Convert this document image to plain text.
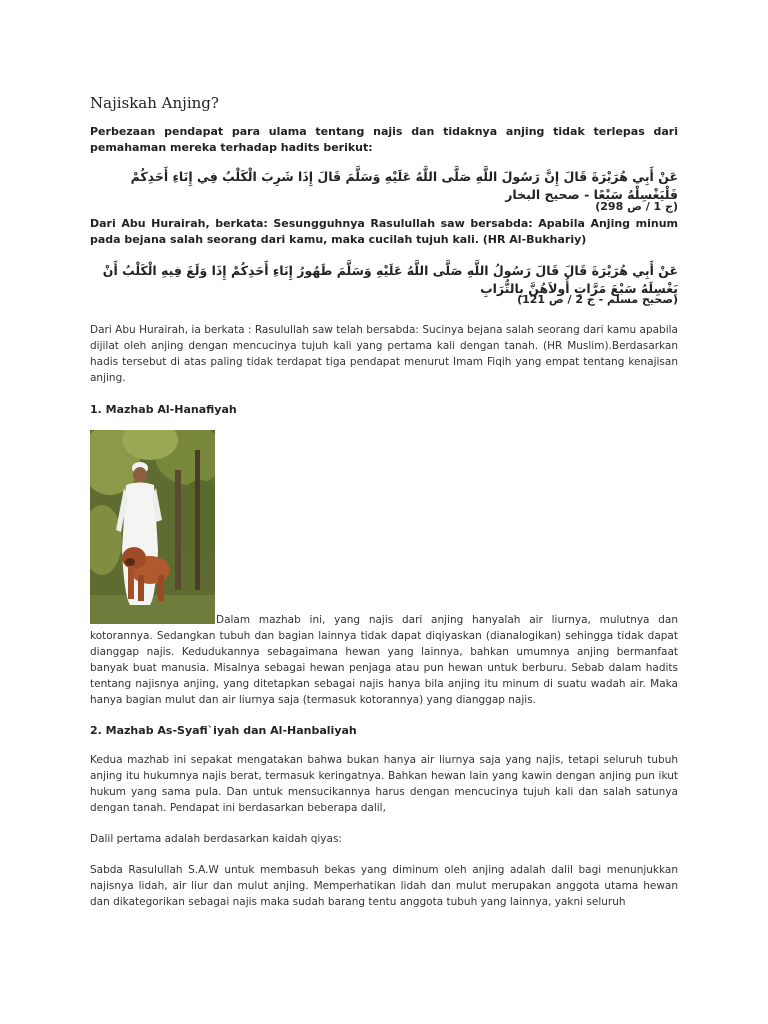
Najiskah Anjing?
Perbezaan pendapat para ulama tentang najis dan tidaknya anjing tidak terlepas dari pemahaman mereka terhadap hadits berikut:
عَنْ أَبِي هُرَيْرَةَ قَالَ إِنَّ رَسُولَ اللَّهِ صَلَّى اللَّهُ عَلَيْهِ وَسَلَّمَ قَالَ إِذَا شَرِبَ الْكَلْبُ فِي إِنَاءِ أَحَدِكُمْ فَلْيَغْسِلْهُ سَبْعًا - صحيح البخار
(ج 1 / ص 298)
Dari Abu Hurairah, berkata: Sesungguhnya Rasulullah saw bersabda: Apabila Anjing minum pada bejana salah seorang dari kamu, maka cucilah tujuh kali. (HR Al-Bukhariy)
عَنْ أَبِي هُرَيْرَةَ قَالَ قَالَ رَسُولُ اللَّهِ صَلَّى اللَّهُ عَلَيْهِ وَسَلَّمَ طَهُورُ إِنَاءِ أَحَدِكُمْ إِذَا وَلَغَ فِيهِ الْكَلْبُ أَنْ يَغْسِلَهُ سَبْعَ مَرَّاتٍ أُولاَهُنَّ بِالتُّرَابِ
(صحيح مسلم - ج 2 / ص 121)
Dari Abu Hurairah, ia berkata : Rasulullah saw telah bersabda: Sucinya bejana salah seorang dari kamu apabila dijilat oleh anjing dengan mencucinya tujuh kali yang pertama kali dengan tanah. (HR Muslim).Berdasarkan hadis tersebut di atas paling tidak terdapat tiga pendapat menurut Imam Fiqih yang empat tentang kenajisan anjing.
1. Mazhab Al-Hanafiyah
Dalam mazhab ini, yang najis dari anjing hanyalah air liurnya, mulutnya dan kotorannya. Sedangkan tubuh dan bagian lainnya tidak dapat diqiyaskan (dianalogikan) sehingga tidak dapat dianggap najis. Kedudukannya sebagaimana hewan yang lainnya, bahkan umumnya anjing bermanfaat banyak buat manusia. Misalnya sebagai hewan penjaga atau pun hewan untuk berburu. Sebab dalam hadits tentang najisnya anjing, yang ditetapkan sebagai najis hanya bila anjing itu minum di suatu wadah air. Maka hanya bagian mulut dan air liurnya saja (termasuk kotorannya) yang dianggap najis.
2. Mazhab As-Syafi`iyah dan Al-Hanbaliyah
Kedua mazhab ini sepakat mengatakan bahwa bukan hanya air liurnya saja yang najis, tetapi seluruh tubuh anjing itu hukumnya najis berat, termasuk keringatnya. Bahkan hewan lain yang kawin dengan anjing pun ikut hukum yang sama pula. Dan untuk mensucikannya harus dengan mencucinya tujuh kali dan salah satunya dengan tanah. Pendapat ini berdasarkan beberapa dalil,
Dalil pertama adalah berdasarkan kaidah qiyas:
Sabda Rasulullah S.A.W untuk membasuh bekas yang diminum oleh anjing adalah dalil bagi menunjukkan najisnya lidah, air liur dan mulut anjing. Memperhatikan lidah dan mulut merupakan anggota utama hewan dan dikategorikan sebagai najis maka sudah barang tentu anggota tubuh yang lainnya, yakni seluruh
